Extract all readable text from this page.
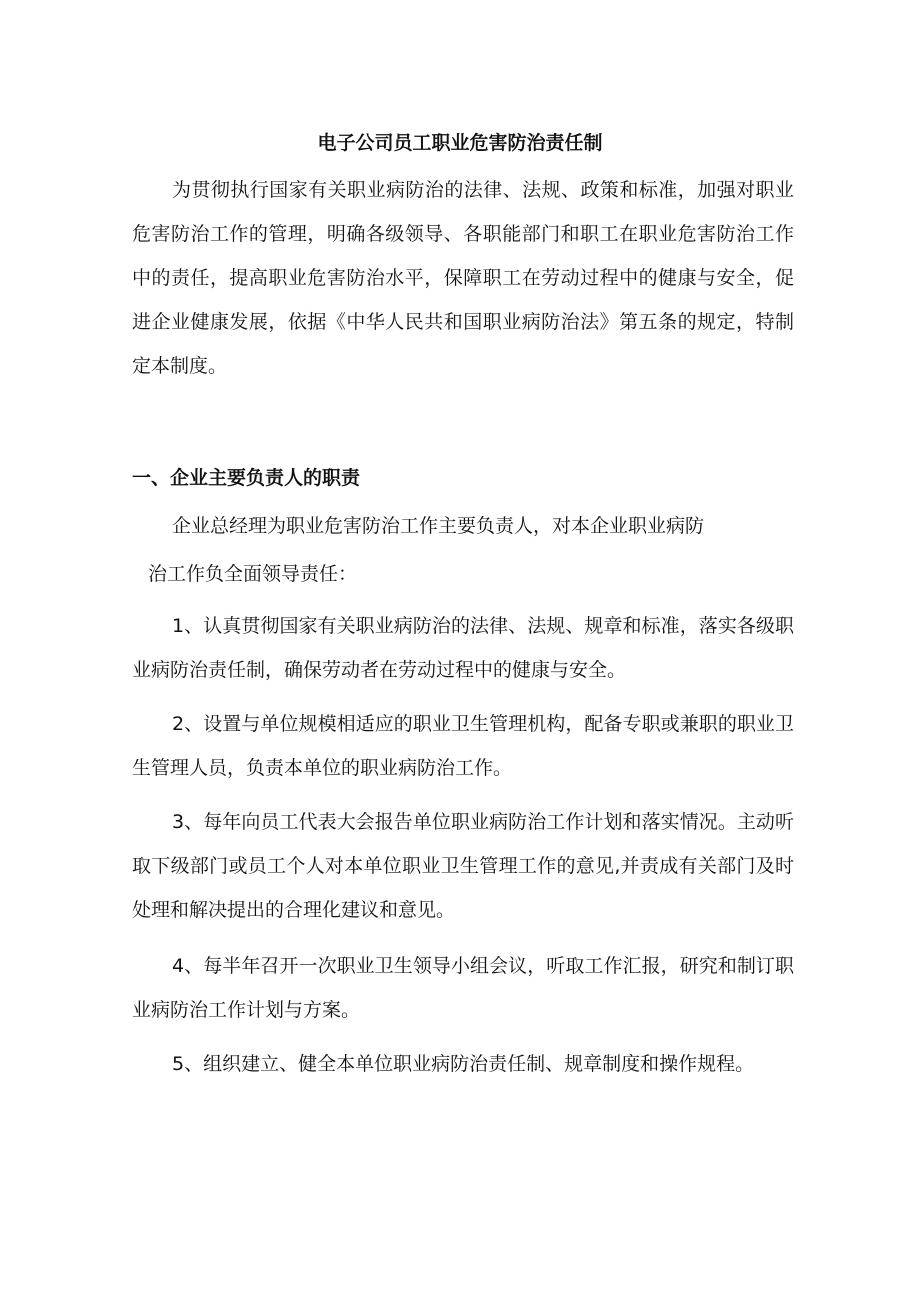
电子公司员工职业危害防治责任制

为贯彻执行国家有关职业病防治的法律、法规、政策和标准，加强对职业危害防治工作的管理，明确各级领导、各职能部门和职工在职业危害防治工作中的责任，提高职业危害防治水平，保障职工在劳动过程中的健康与安全，促进企业健康发展，依据《中华人民共和国职业病防治法》第五条的规定，特制定本制度。

一、企业主要负责人的职责

企业总经理为职业危害防治工作主要负责人，对本企业职业病防

治工作负全面领导责任：

1、认真贯彻国家有关职业病防治的法律、法规、规章和标准，落实各级职业病防治责任制，确保劳动者在劳动过程中的健康与安全。

2、设置与单位规模相适应的职业卫生管理机构，配备专职或兼职的职业卫生管理人员，负责本单位的职业病防治工作。

3、每年向员工代表大会报告单位职业病防治工作计划和落实情况。主动听取下级部门或员工个人对本单位职业卫生管理工作的意见,并责成有关部门及时处理和解决提出的合理化建议和意见。

4、每半年召开一次职业卫生领导小组会议，听取工作汇报，研究和制订职业病防治工作计划与方案。

5、组织建立、健全本单位职业病防治责任制、规章制度和操作规程。
